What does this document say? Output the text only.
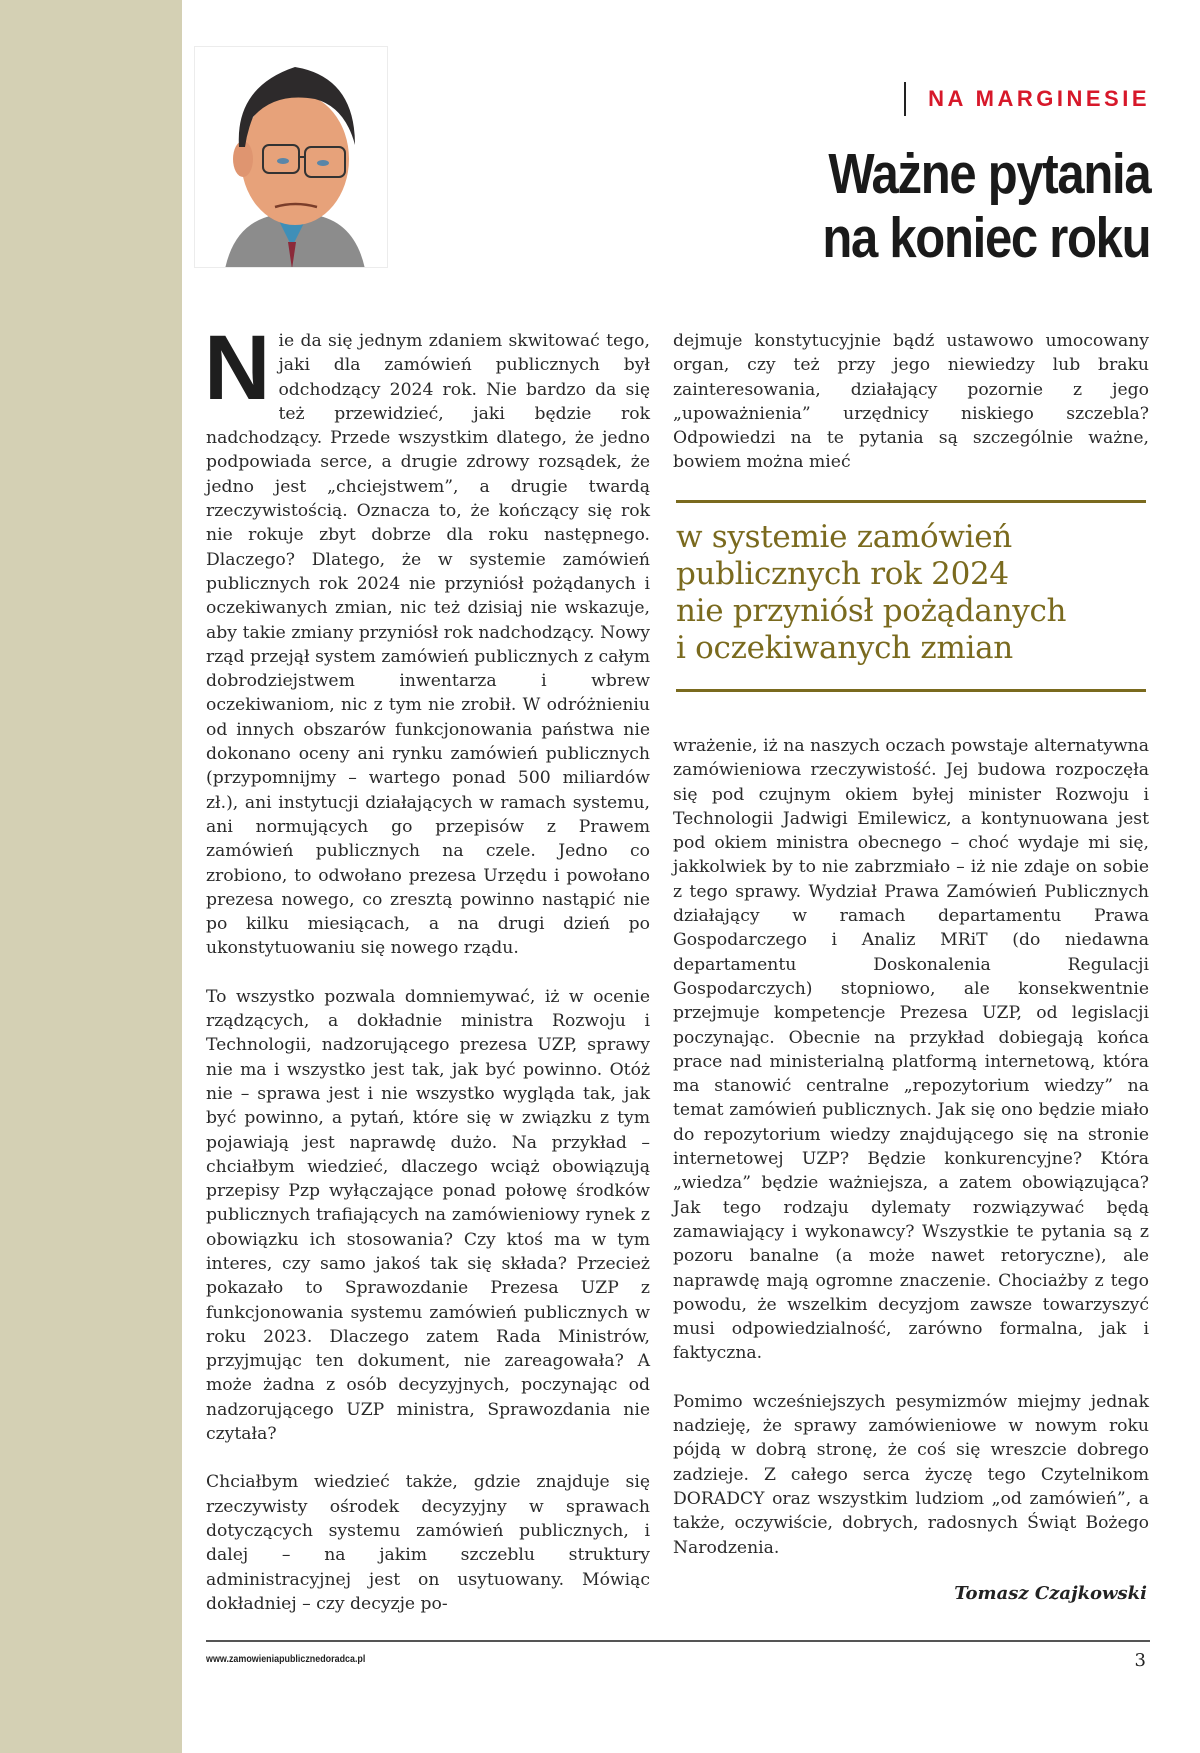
NA MARGINESIE
Ważne pytania
na koniec roku

Nie da się jednym zdaniem skwitować tego, jaki dla zamówień publicznych był odchodzący 2024 rok. Nie bardzo da się też przewidzieć, jaki będzie rok nadchodzący. Przede wszystkim dlatego, że jedno podpowiada serce, a drugie zdrowy rozsądek, że jedno jest „chciejstwem”, a drugie twardą rzeczywistością. Oznacza to, że kończący się rok nie rokuje zbyt dobrze dla roku następnego. Dlaczego? Dlatego, że w systemie zamówień publicznych rok 2024 nie przyniósł pożądanych i oczekiwanych zmian, nic też dzisiaj nie wskazuje, aby takie zmiany przyniósł rok nadchodzący. Nowy rząd przejął system zamówień publicznych z całym dobrodziejstwem inwentarza i wbrew oczekiwaniom, nic z tym nie zrobił. W odróżnieniu od innych obszarów funkcjonowania państwa nie dokonano oceny ani rynku zamówień publicznych (przypomnijmy – wartego ponad 500 miliardów zł.), ani instytucji działających w ramach systemu, ani normujących go przepisów z Prawem zamówień publicznych na czele. Jedno co zrobiono, to odwołano prezesa Urzędu i powołano prezesa nowego, co zresztą powinno nastąpić nie po kilku miesiącach, a na drugi dzień po ukonstytuowaniu się nowego rządu.

To wszystko pozwala domniemywać, iż w ocenie rządzących, a dokładnie ministra Rozwoju i Technologii, nadzorującego prezesa UZP, sprawy nie ma i wszystko jest tak, jak być powinno. Otóż nie – sprawa jest i nie wszystko wygląda tak, jak być powinno, a pytań, które się w związku z tym pojawiają jest naprawdę dużo. Na przykład – chciałbym wiedzieć, dlaczego wciąż obowiązują przepisy Pzp wyłączające ponad połowę środków publicznych trafiających na zamówieniowy rynek z obowiązku ich stosowania? Czy ktoś ma w tym interes, czy samo jakoś tak się składa? Przecież pokazało to Sprawozdanie Prezesa UZP z funkcjonowania systemu zamówień publicznych w roku 2023. Dlaczego zatem Rada Ministrów, przyjmując ten dokument, nie zareagowała? A może żadna z osób decyzyjnych, poczynając od nadzorującego UZP ministra, Sprawozdania nie czytała?

Chciałbym wiedzieć także, gdzie znajduje się rzeczywisty ośrodek decyzyjny w sprawach dotyczących systemu zamówień publicznych, i dalej – na jakim szczeblu struktury administracyjnej jest on usytuowany. Mówiąc dokładniej – czy decyzje po-

dejmuje konstytucyjnie bądź ustawowo umocowany organ, czy też przy jego niewiedzy lub braku zainteresowania, działający pozornie z jego „upoważnienia” urzędnicy niskiego szczebla? Odpowiedzi na te pytania są szczególnie ważne, bowiem można mieć

w systemie zamówień
publicznych rok 2024
nie przyniósł pożądanych
i oczekiwanych zmian

wrażenie, iż na naszych oczach powstaje alternatywna zamówieniowa rzeczywistość. Jej budowa rozpoczęła się pod czujnym okiem byłej minister Rozwoju i Technologii Jadwigi Emilewicz, a kontynuowana jest pod okiem ministra obecnego – choć wydaje mi się, jakkolwiek by to nie zabrzmiało – iż nie zdaje on sobie z tego sprawy. Wydział Prawa Zamówień Publicznych działający w ramach departamentu Prawa Gospodarczego i Analiz MRiT (do niedawna departamentu Doskonalenia Regulacji Gospodarczych) stopniowo, ale konsekwentnie przejmuje kompetencje Prezesa UZP, od legislacji poczynając. Obecnie na przykład dobiegają końca prace nad ministerialną platformą internetową, która ma stanowić centralne „repozytorium wiedzy” na temat zamówień publicznych. Jak się ono będzie miało do repozytorium wiedzy znajdującego się na stronie internetowej UZP? Będzie konkurencyjne? Która „wiedza” będzie ważniejsza, a zatem obowiązująca? Jak tego rodzaju dylematy rozwiązywać będą zamawiający i wykonawcy? Wszystkie te pytania są z pozoru banalne (a może nawet retoryczne), ale naprawdę mają ogromne znaczenie. Chociażby z tego powodu, że wszelkim decyzjom zawsze towarzyszyć musi odpowiedzialność, zarówno formalna, jak i faktyczna.

Pomimo wcześniejszych pesymizmów miejmy jednak nadzieję, że sprawy zamówieniowe w nowym roku pójdą w dobrą stronę, że coś się wreszcie dobrego zadzieje. Z całego serca życzę tego Czytelnikom DORADCY oraz wszystkim ludziom „od zamówień”, a także, oczywiście, dobrych, radosnych Świąt Bożego Narodzenia.

Tomasz Czajkowski
www.zamowieniapublicznedoradca.pl	3
